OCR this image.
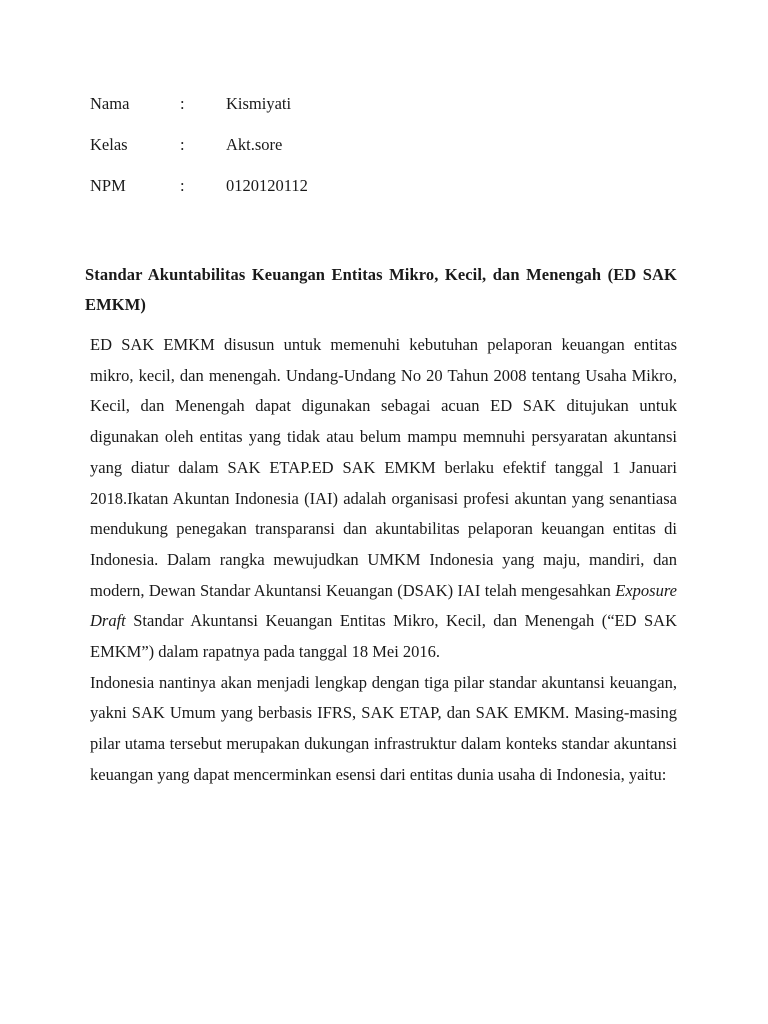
Nama	:	Kismiyati
Kelas	:	Akt.sore
NPM	:	0120120112
Standar Akuntabilitas Keuangan Entitas Mikro, Kecil, dan Menengah (ED SAK EMKM)

ED SAK EMKM disusun untuk memenuhi kebutuhan pelaporan keuangan entitas mikro, kecil, dan menengah. Undang-Undang No 20 Tahun 2008 tentang Usaha Mikro, Kecil, dan Menengah dapat digunakan sebagai acuan ED SAK ditujukan untuk digunakan oleh entitas yang tidak atau belum mampu memnuhi persyaratan akuntansi yang diatur dalam SAK ETAP.ED SAK EMKM berlaku efektif tanggal 1 Januari 2018.Ikatan Akuntan Indonesia (IAI) adalah organisasi profesi akuntan yang senantiasa mendukung penegakan transparansi dan akuntabilitas pelaporan keuangan entitas di Indonesia. Dalam rangka mewujudkan UMKM Indonesia yang maju, mandiri, dan modern, Dewan Standar Akuntansi Keuangan (DSAK) IAI telah mengesahkan Exposure Draft Standar Akuntansi Keuangan Entitas Mikro, Kecil, dan Menengah (“ED SAK EMKM”) dalam rapatnya pada tanggal 18 Mei 2016.

Indonesia nantinya akan menjadi lengkap dengan tiga pilar standar akuntansi keuangan, yakni SAK Umum yang berbasis IFRS, SAK ETAP, dan SAK EMKM. Masing-masing pilar utama tersebut merupakan dukungan infrastruktur dalam konteks standar akuntansi keuangan yang dapat mencerminkan esensi dari entitas dunia usaha di Indonesia, yaitu:
